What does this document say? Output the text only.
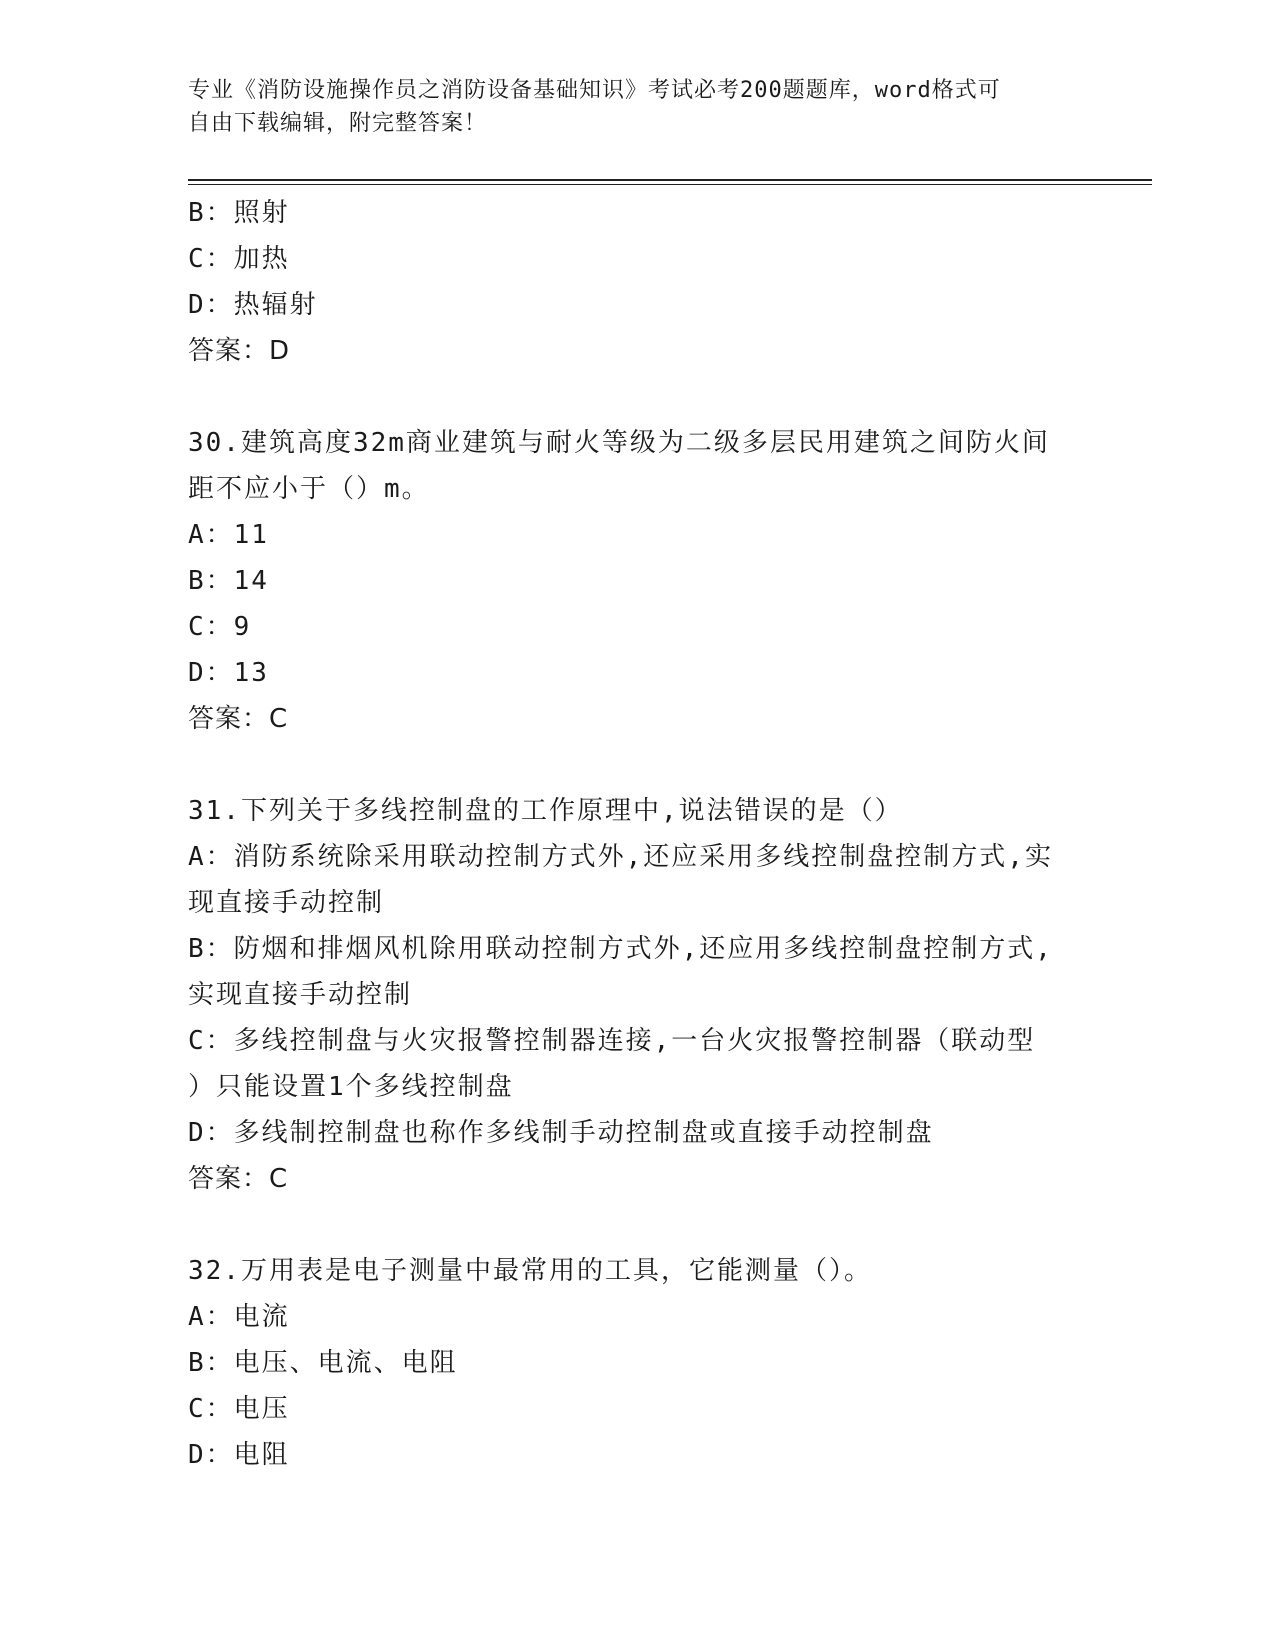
专业《消防设施操作员之消防设备基础知识》考试必考200题题库，word格式可
自由下载编辑，附完整答案！
B：照射
C：加热
D：热辐射
答案：D
30.建筑高度32m商业建筑与耐火等级为二级多层民用建筑之间防火间
距不应小于（）m。
A：11
B：14
C：9
D：13
答案：C
31.下列关于多线控制盘的工作原理中,说法错误的是（）
A：消防系统除采用联动控制方式外,还应采用多线控制盘控制方式,实
现直接手动控制
B：防烟和排烟风机除用联动控制方式外,还应用多线控制盘控制方式,
实现直接手动控制
C：多线控制盘与火灾报警控制器连接,一台火灾报警控制器（联动型
）只能设置1个多线控制盘
D：多线制控制盘也称作多线制手动控制盘或直接手动控制盘
答案：C
32.万用表是电子测量中最常用的工具，它能测量（）。
A：电流
B：电压、电流、电阻
C：电压
D：电阻
